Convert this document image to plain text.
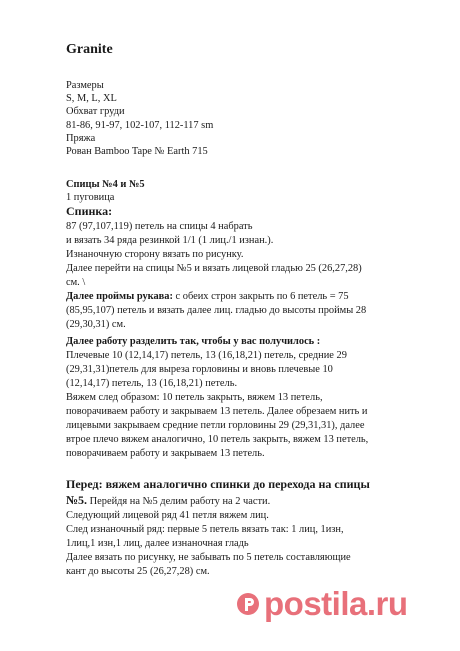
Granite
Размеры
S, M, L, XL
Обхват груди
81-86, 91-97, 102-107, 112-117 sm
Пряжа
Рован Bamboo Tape № Earth 715
Спицы №4 и №5
1 пуговица
Спинка:
87 (97,107,119) петель на спицы 4 набрать
и вязать 34 ряда резинкой 1/1 (1 лиц./1 изнан.).
Изнаночную сторону вязать по рисунку.
Далее перейти на спицы №5 и вязать лицевой гладью 25 (26,27,28)
см. \
Далее проймы рукава: с обеих строн закрыть по 6 петель = 75
(85,95,107) петель и вязать далее лиц. гладью до высоты проймы 28
(29,30,31) см.
Далее работу разделить так, чтобы у вас получилось :
Плечевые 10 (12,14,17) петель, 13 (16,18,21) петель, средние 29
(29,31,31)петель для выреза горловины и вновь плечевые 10
(12,14,17) петель, 13 (16,18,21) петель.
Вяжем след образом: 10 петель закрыть, вяжем 13 петель,
поворачиваем работу и закрываем 13 петель. Далее обрезаем нить и
лицевыми закрываем средние петли горловины 29 (29,31,31), далее
втрое плечо вяжем аналогично, 10 петель закрыть, вяжем 13 петель,
поворачиваем работу и закрываем 13 петель.
Перед: вяжем аналогично спинки до перехода на спицы
№5. Перейдя на №5 делим работу на 2 части.
Следующий лицевой ряд 41 петля вяжем лиц.
След изнаночный ряд: первые 5 петель вязать так: 1 лиц, 1изн,
1лиц,1 изн,1 лиц, далее изнаночная гладь
Далее вязать по рисунку, не забывать по 5 петель составляющие
кант до высоты 25 (26,27,28) см.
postila.ru
